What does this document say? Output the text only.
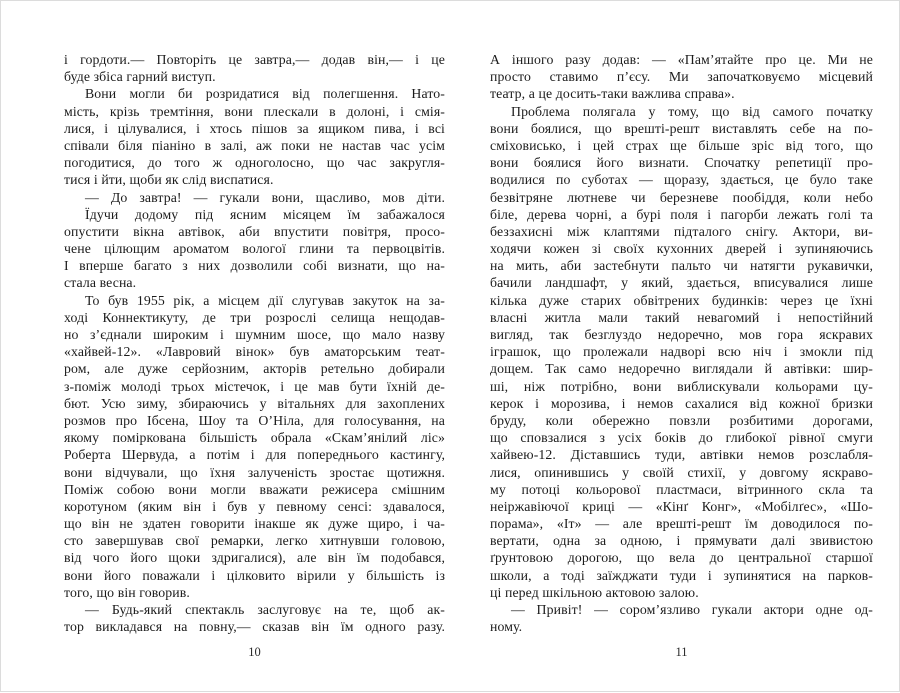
і гордоти.— Повторіть це завтра,— додав він,— і це
буде збіса гарний виступ.
Вони могли би розридатися від полегшення. Нато-
мість, крізь тремтіння, вони плескали в долоні, і смія-
лися, і цілувалися, і хтось пішов за ящиком пива, і всі
співали біля піаніно в залі, аж поки не настав час усім
погодитися, до того ж одноголосно, що час закругля-
тися і йти, щоби як слід виспатися.
— До завтра! — гукали вони, щасливо, мов діти.
Їдучи додому під ясним місяцем їм забажалося
опустити вікна автівок, аби впустити повітря, просо-
чене цілющим ароматом вологої глини та первоцвітів.
І вперше багато з них дозволили собі визнати, що на-
стала весна.
То був 1955 рік, а місцем дії слугував закуток на за-
ході Коннектикуту, де три розрослі селища нещодав-
но з’єднали широким і шумним шосе, що мало назву
«хайвей-12». «Лавровий вінок» був аматорським теат-
ром, але дуже серйозним, акторів ретельно добирали
з-поміж молоді трьох містечок, і це мав бути їхній де-
бют. Усю зиму, збираючись у вітальнях для захоплених
розмов про Ібсена, Шоу та О’Ніла, для голосування, на
якому поміркована більшість обрала «Скам’янілий ліс»
Роберта Шервуда, а потім і для попереднього кастингу,
вони відчували, що їхня залученість зростає щотижня.
Поміж собою вони могли вважати режисера смішним
коротуном (яким він і був у певному сенсі: здавалося,
що він не здатен говорити інакше як дуже щиро, і ча-
сто завершував свої ремарки, легко хитнувши головою,
від чого його щоки здригалися), але він їм подобався,
вони його поважали і цілковито вірили у більшість із
того, що він говорив.
— Будь-який спектакль заслуговує на те, щоб ак-
тор викладався на повну,— сказав він їм одного разу.
10
А іншого разу додав: — «Пам’ятайте про це. Ми не
просто ставимо п’єсу. Ми започатковуємо місцевий
театр, а це досить-таки важлива справа».
Проблема полягала у тому, що від самого початку
вони боялися, що врешті-решт виставлять себе на по-
сміховисько, і цей страх ще більше зріс від того, що
вони боялися його визнати. Спочатку репетиції про-
водилися по суботах — щоразу, здається, це було таке
безвітряне лютневе чи березневе пообіддя, коли небо
біле, дерева чорні, а бурі поля і пагорби лежать голі та
беззахисні між клаптями підталого снігу. Актори, ви-
ходячи кожен зі своїх кухонних дверей і зупиняючись
на мить, аби застебнути пальто чи натягти рукавички,
бачили ландшафт, у який, здається, вписувалися лише
кілька дуже старих обвітрених будинків: через це їхні
власні житла мали такий невагомий і непостійний
вигляд, так безглуздо недоречно, мов гора яскравих
іграшок, що пролежали надворі всю ніч і змокли під
дощем. Так само недоречно виглядали й автівки: шир-
ші, ніж потрібно, вони виблискували кольорами цу-
керок і морозива, і немов сахалися від кожної бризки
бруду, коли обережно повзли розбитими дорогами,
що сповзалися з усіх боків до глибокої рівної смуги
хайвею-12. Діставшись туди, автівки немов розслабля-
лися, опинившись у своїй стихії, у довгому яскраво-
му потоці кольорової пластмаси, вітринного скла та
неіржавіючої криці — «Кінґ Конг», «Мобілґес», «Шо-
порама», «Іт» — але врешті-решт їм доводилося по-
вертати, одна за одною, і прямувати далі звивистою
ґрунтовою дорогою, що вела до центральної старшої
школи, а тоді заїжджати туди і зупинятися на парков-
ці перед шкільною актовою залою.
— Привіт! — сором’язливо гукали актори одне од-
ному.
11
